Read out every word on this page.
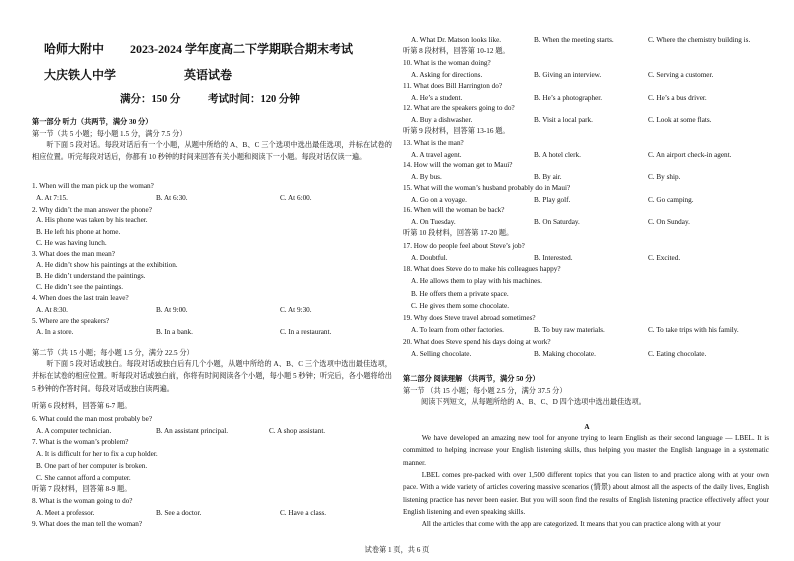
哈师大附中 2023-2024 学年度高二下学期联合期末考试
大庆铁人中学	英语试卷
满分：150 分	考试时间：120 分钟
第一部分 听力（共两节，满分 30 分）
第一节（共 5 小题；每小题 1.5 分，满分 7.5 分）
听下面 5 段对话。每段对话后有一个小题，从题中所给的 A、B、C 三个选项中选出最佳选项，并标在试卷的相应位置。听完每段对话后，你都有 10 秒钟的时间来回答有关小题和阅读下一小题。每段对话仅读一遍。
1. When will the man pick up the woman?
A. At 7:15.	B. At 6:30.	C. At 6:00.
2. Why didn’t the man answer the phone?
A. His phone was taken by his teacher.
B. He left his phone at home.
C. He was having lunch.
3. What does the man mean?
A. He didn’t show his paintings at the exhibition.
B. He didn’t understand the paintings.
C. He didn’t see the paintings.
4. When does the last train leave?
A. At 8:30.	B. At 9:00.	C. At 9:30.
5. Where are the speakers?
A. In a store.	B. In a bank.	C. In a restaurant.
第二节（共 15 小题；每小题 1.5 分，满分 22.5 分）
听下面 5 段对话或独白。每段对话或独白后有几个小题，从题中所给的 A、B、C 三个选项中选出最佳选项，并标在试卷的相应位置。听每段对话或独白前，你将有时间阅读各个小题，每小题 5 秒钟；听完后，各小题将给出 5 秒钟的作答时间。每段对话或独白读两遍。
听第 6 段材料，回答第 6-7 题。
6. What could the man most probably be?
A. A computer technician.	B. An assistant principal.	C. A shop assistant.
7. What is the woman’s problem?
A. It is difficult for her to fix a cup holder.
B. One part of her computer is broken.
C. She cannot afford a computer.
听第 7 段材料，回答第 8-9 题。
8. What is the woman going to do?
A. Meet a professor.	B. See a doctor.	C. Have a class.
9. What does the man tell the woman?
A. What Dr. Matson looks like.	B. When the meeting starts.	C. Where the chemistry building is.
听第 8 段材料，回答第 10-12 题。
10. What is the woman doing?
A. Asking for directions.	B. Giving an interview.	C. Serving a customer.
11. What does Bill Harrington do?
A. He’s a student.	B. He’s a photographer.	C. He’s a bus driver.
12. What are the speakers going to do?
A. Buy a dishwasher.	B. Visit a local park.	C. Look at some flats.
听第 9 段材料，回答第 13-16 题。
13. What is the man?
A. A travel agent.	B. A hotel clerk.	C. An airport check-in agent.
14. How will the woman get to Maui?
A. By bus.	B. By air.	C. By ship.
15. What will the woman’s husband probably do in Maui?
A. Go on a voyage.	B. Play golf.	C. Go camping.
16. When will the woman be back?
A. On Tuesday.	B. On Saturday.	C. On Sunday.
听第 10 段材料，回答第 17-20 题。
17. How do people feel about Steve’s job?
A. Doubtful.	B. Interested.	C. Excited.
18. What does Steve do to make his colleagues happy?
A. He allows them to play with his machines.
B. He offers them a private space.
C. He gives them some chocolate.
19. Why does Steve travel abroad sometimes?
A. To learn from other factories.	B. To buy raw materials.	C. To take trips with his family.
20. What does Steve spend his days doing at work?
A. Selling chocolate.	B. Making chocolate.	C. Eating chocolate.
第二部分 阅读理解 （共两节，满分 50 分）
第一节 （共 15 小题；每小题 2.5 分，满分 37.5 分）
阅读下列短文，从每题所给的 A、B、C、D 四个选项中选出最佳选项。
A
We have developed an amazing new tool for anyone trying to learn English as their second language — LBEL. It is committed to helping increase your English listening skills, thus helping you master the English language in a systematic manner.
LBEL comes pre-packed with over 1,500 different topics that you can listen to and practice along with at your own pace. With a wide variety of articles covering massive scenarios (情景) about almost all the aspects of the daily lives, English listening practice has never been easier. But you will soon find the results of English listening practice effectively affect your English listening and even speaking skills.
All the articles that come with the app are categorized. It means that you can practice along with at your
试卷第 1 页，共 6 页
